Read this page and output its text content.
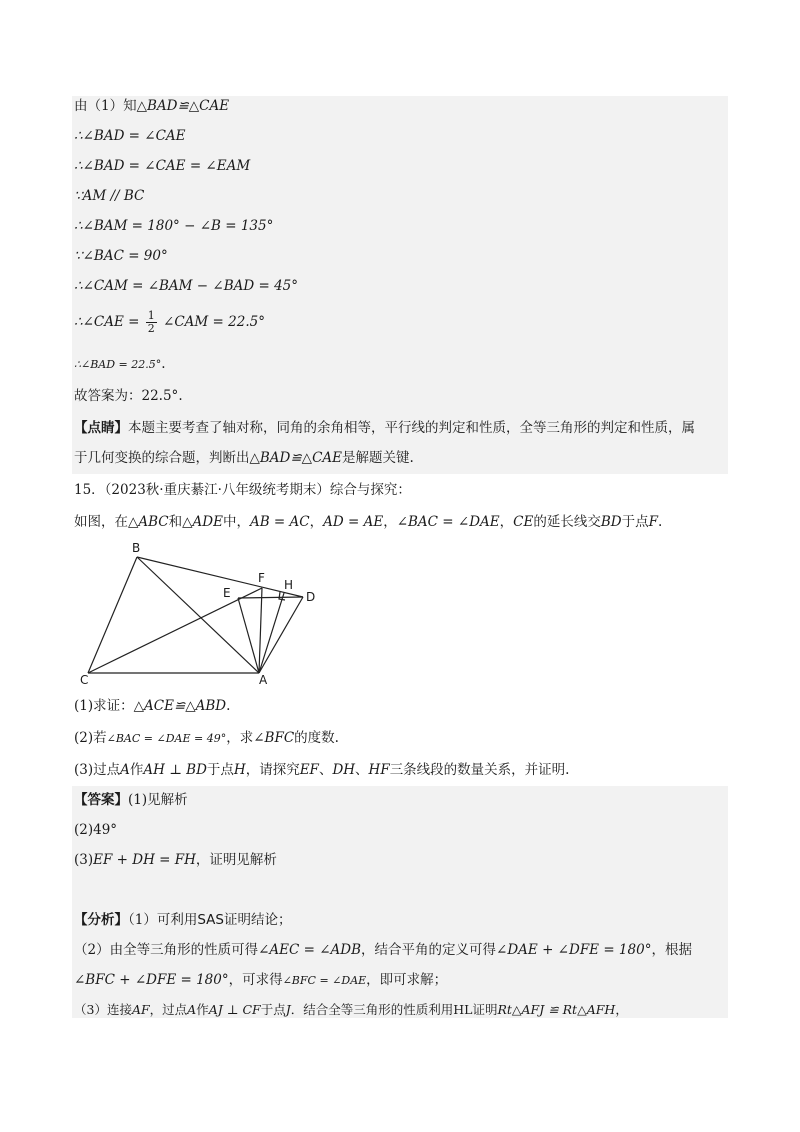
由（1）知△BAD≌△CAE
∴∠BAD = ∠CAE
∴∠BAD = ∠CAE = ∠EAM
∵AM // BC
∴∠BAM = 180° − ∠B = 135°
∵∠BAC = 90°
∴∠CAM = ∠BAM − ∠BAD = 45°
∴∠CAE = $\frac{1}{2}$ ∠CAM = 22.5°
∴∠BAD = 22.5°.
故答案为：22.5°.
【点睛】本题主要考查了轴对称，同角的余角相等，平行线的判定和性质，全等三角形的判定和性质，属
于几何变换的综合题，判断出△BAD≌△CAE是解题关键.
15．（2023秋·重庆綦江·八年级统考期末）综合与探究：
如图，在△ABC和△ADE中，AB = AC，AD = AE，∠BAC = ∠DAE，CE的延长线交BD于点F.
B
F H
E	D
C	A
(1)求证：△ACE≌△ABD.
(2)若∠BAC = ∠DAE = 49°，求∠BFC的度数.
(3)过点A作AH ⊥ BD于点H，请探究EF、DH、HF三条线段的数量关系，并证明.
【答案】(1)见解析
(2)49°
(3)EF + DH = FH，证明见解析
【分析】（1）可利用SAS证明结论；
（2）由全等三角形的性质可得∠AEC = ∠ADB，结合平角的定义可得∠DAE + ∠DFE = 180°，根据
∠BFC + ∠DFE = 180°，可求得∠BFC = ∠DAE，即可求解；
（3）连接AF，过点A作AJ ⊥ CF于点J．结合全等三角形的性质利用HL证明Rt△AFJ ≌ Rt△AFH，
